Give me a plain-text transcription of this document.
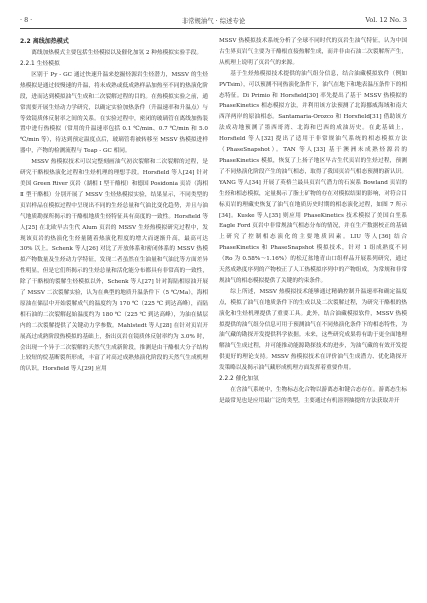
· 8 ·	非常规油气 · 综述专论	Vol. 12 No. 3
2.2 离线加热模式

离线加热模式主要包括生烃模拟以及催化加氢 2 种热模拟实验手段。

2.2.1 生烃模拟

区别于 Py - GC 通过快速升温来挖掘烃源岩生烃潜力，MSSV 的生烃热模拟是通过较慢速的升温，将未成熟或低成熟样品加热至不同的热演化阶段，进而达到模拟油气生成和二次裂解过程的目的。在热模拟实验之前，通常需要开展生烃动力学研究，以确定实验加热条件（升温速率和升温点）与等效镜质体反射率之间的关系。在实验过程中，密闭的玻璃管在离线加热装置中进行热模拟（常用的升温速率包括 0.1 ℃/min、0.7 ℃/min 和 5.0 ℃/min 等），待达到预定温度点后，玻璃管将被转移至 MSSV 热模拟进样器中，产物的检测流程与 Teap - GC 相同。

MSSV 热模拟技术可以完整刻画油气初次裂解和二次裂解的过程，是研究干酪根热演化过程和生烃机理的理想手段。Horsfield 等人[24] 针对美国 Green River 页岩（湖相 Ⅰ 型干酪根）和德国 Posidonia 页岩（海相 Ⅱ 型干酪根）分别开展了 MSSV 生烃热模拟实验，结果显示，不同类型的页岩样品在模拟过程中呈现出不同的生烃总量和气油比变化趋势，并且与油气地质勘探所揭示的干酪根地质生烃特征具有高度的一致性。Horsfield 等人[25] 在北欧早古生代 Alum 页岩的 MSSV 生烃热模拟研究过程中，发现该页岩的热演化生烃量随着热演化程度的增大而逐渐升高，最高可达 30% 以上。Schenk 等人[26] 对比了开放体系和密闭体系的 MSSV 热模拟产物数量及生烃动力学特征，发现二者虽然在生油量和气油比等方面差异性明显，但是它们所揭示的生烃总量和活化能分布都具有非常高的一致性，除了干酪根的裂解生烃模拟以外，Schenk 等人[27] 针对海陆相原油开展了 MSSV 二次裂解实验，认为在典型的地质升温条件下（5 ℃/Ma），海相原油在储层中开始裂解成气的温度约为 170 ℃（225 ℃ 到达高峰），而陆相石油的二次裂解起始温度约为 180 ℃（225 ℃ 到达高峰），为油在储层内的二次裂解提供了关键动力学参数。Mahlstedt 等人[28] 在针对页岩开展高过成熟阶段热模拟的基础上，指出页岩在镜质体反射率约为 3.0% 时，会出现一个异于二次裂解的天然气生成新阶段，推测是由干酪根大分子结构上较短的烷基断裂所形成，丰富了对高过成熟热演化阶段的天然气生成机理的认识。Horsfield 等人[29] 应用

MSSV 热模拟技术系统分析了全球不同时代的页岩生油气特征，认为中国古生界页岩气主要为干酪根直接热解生成，而并非由石油二次裂解所产生，从机理上说明了页岩气的来源。

基于生烃热模拟技术提供的油气组分信息，结合油藏模拟软件（例如 PVTsim），可以预测不同热演化条件下，油气在地下和地表温压条件下的相态特征。Di Primio 和 Horsfield[30] 率先提出了基于 MSSV 热模拟的 PhaseKinetics 相态模拟方法，并利用该方法预测了北海挪威海域和南大西洋两岸的原油相态。Santamaria-Orozco 和 Horsfield[31] 借助该方法成功地预测了墨西哥湾、北海和巴西的成油历史。在此基础上，Horsfield 等人[32] 提出了适用于非常规油气系统的相态模拟方法（PhaseSnapshot）。TAN 等人[33] 基于澳洲未成熟烃源岩的 PhaseKinetics 模拟，恢复了上扬子地区早古生代页岩的生烃过程，预测了不同热演化阶段产生的油气相态，取得了我国页岩气相态预测的新认识。YANG 等人[34] 开展了英格兰最具页岩气潜力的石炭系 Bowland 页岩的生烃和相态模拟，定量揭示了脂土矿物的存在对模拟结果的影响，对符合目标页岩的理藏史恢复了油气在地质历史时期的相态演化过程，如图 7 所示[34]。Kuske 等人[35] 则应用 PhaseKinetics 技术模拟了美国白垩系 Eagle Ford 页岩中非常规油气相态分布的情况，并在生产数据校正的基础上研究了控制相态演化的主要地质因素。LIU 等人[36] 结合 PhaseKinetics 和 PhaseSnapshot 模拟技术，针对 1 组成熟度不同（Ro 为 0.58%～1.16%）的松辽盆地青山口组样品开展系列研究，通过天然成熟度序列的产物校正了人工热模拟序列中的产物组成，为常规和非常规油气的相态模拟提供了关键的约束条件。

综上所述，MSSV 热模拟技术能够通过精确控制升温速率和确定温度点，模拟了油气在地质条件下的生成以及二次裂解过程，为研究干酪根的热演化和生烃机理提供了重要工具。此外，结合油藏模拟软件，MSSV 热模拟提供的油气组分信息可用于预测油气在不同热演化条件下的相态特性，为油气藏的勘探开发提供科学依据。未来，这些研究成果将有助于更全面地理解油气生成过程，并可能推动能源勘探技术的进步，为油气藏的有效开发提供更好的理论支持。MSSV 热模拟技术在评价油气生成潜力、优化勘探开发策略以及揭示油气藏形成机理方面发挥着重要作用。

2.2.2 催化加氢

在含油气系统中，生物标志化合物以游离态和键合态存在。游离态生标是最常见也是应用最广泛的类型，主要通过有机溶剂抽提的方法获取并开
